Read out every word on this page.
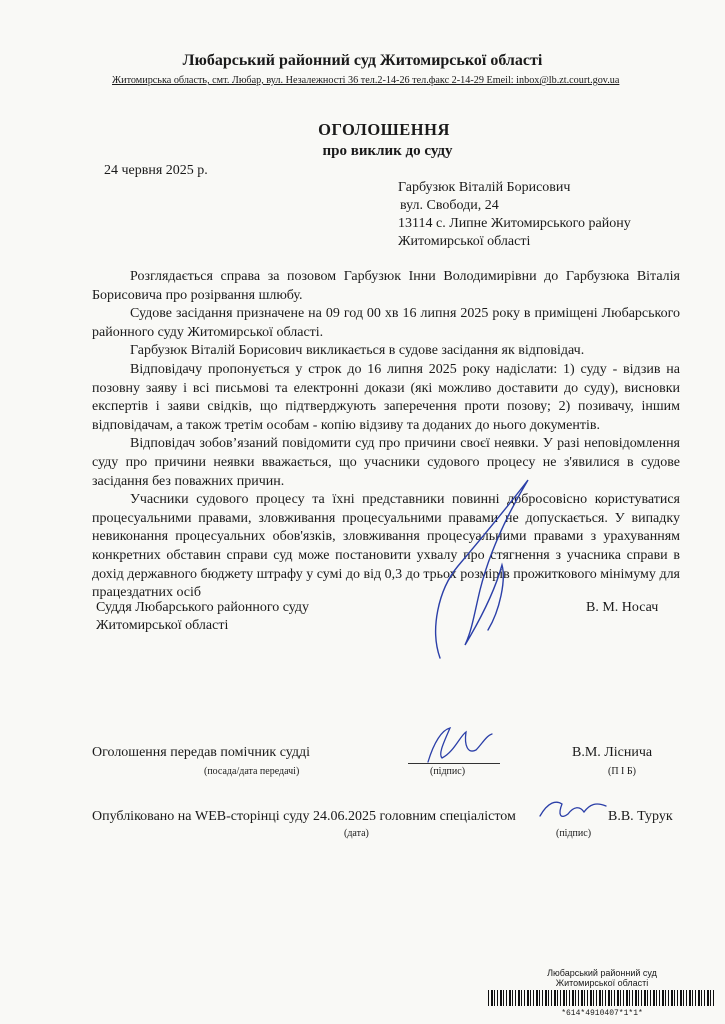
Любарський районний суд Житомирської області
Житомирська область, смт. Любар, вул. Незалежності 36 тел.2-14-26 тел.факс 2-14-29 Emeil: inbox@lb.zt.court.gov.ua
ОГОЛОШЕННЯ
про виклик до суду
24 червня 2025 р.
Гарбузюк Віталій Борисович
вул. Свободи, 24
13114 с. Липне Житомирського району
Житомирської області

Розглядається справа за позовом Гарбузюк Інни Володимирівни до Гарбузюка Віталія Борисовича про розірвання шлюбу.

Судове засідання призначене на 09 год 00 хв 16 липня 2025 року в приміщені Любарського районного суду Житомирської області.

Гарбузюк Віталій Борисович викликається в судове засідання як відповідач.

Відповідачу пропонується у строк до 16 липня 2025 року надіслати: 1) суду - відзив на позовну заяву і всі письмові та електронні докази (які можливо доставити до суду), висновки експертів і заяви свідків, що підтверджують заперечення проти позову; 2) позивачу, іншим відповідачам, а також третім особам - копію відзиву та доданих до нього документів.

Відповідач зобов’язаний повідомити суд про причини своєї неявки. У разі неповідомлення суду про причини неявки вважається, що учасники судового процесу не з'явилися в судове засідання без поважних причин.

Учасники судового процесу та їхні представники повинні добросовісно користуватися процесуальними правами, зловживання процесуальними правами не допускається. У випадку невиконання процесуальних обов'язків, зловживання процесуальними правами з урахуванням конкретних обставин справи суд може постановити ухвалу про стягнення з учасника справи в дохід державного бюджету штрафу у сумі до від 0,3 до трьох розмірів прожиткового мінімуму для працездатних осіб

Суддя Любарського районного суду
Житомирської області
В. М. Носач
Оголошення передав помічник судді
(посада/дата передачі)	(підпис)
В.М. Ліснича
(П І Б)
Опубліковано на WEB-сторінці суду 24.06.2025 головним спеціалістом
(дата)	(підпис)
В.В. Турук
Любарський районний суд
Житомирської області
*614*4910407*1*1*
